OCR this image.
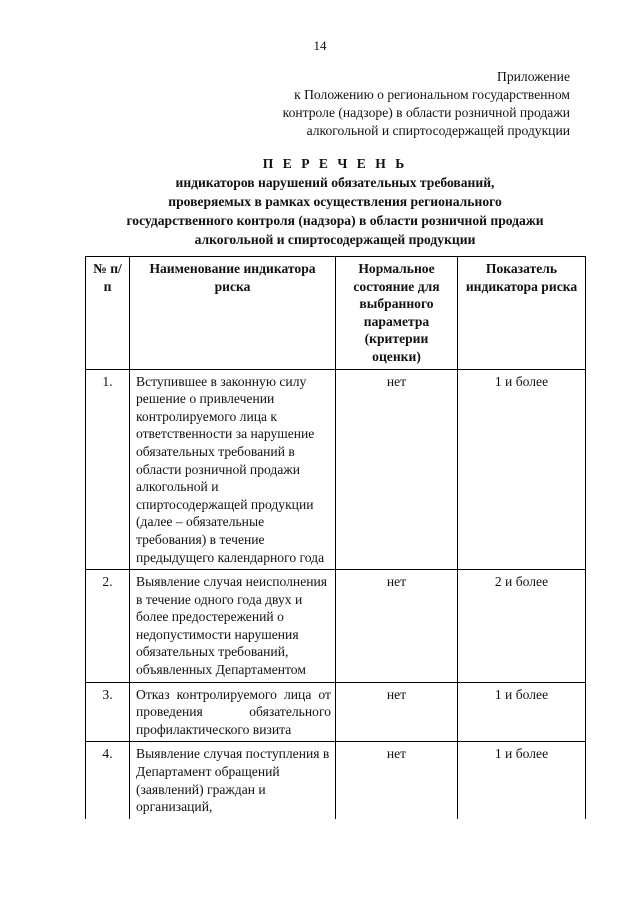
14
Приложение
к Положению о региональном государственном
контроле (надзоре) в области розничной продажи
алкогольной и спиртосодержащей продукции
П Е Р Е Ч Е Н Ь
индикаторов нарушений обязательных требований,
проверяемых в рамках осуществления регионального
государственного контроля (надзора) в области розничной продажи
алкогольной и спиртосодержащей продукции
№ п/п	Наименование индикатора риска	Нормальное состояние для выбранного параметра (критерии оценки)	Показатель индикатора риска
1.	Вступившее в законную силу решение о привлечении контролируемого лица к ответственности за нарушение обязательных требований в области розничной продажи алкогольной и спиртосодержащей продукции (далее – обязательные требования) в течение предыдущего календарного года	нет	1 и более
2.	Выявление случая неисполнения в течение одного года двух и более предостережений о недопустимости нарушения обязательных требований, объявленных Департаментом	нет	2 и более
3.	Отказ контролируемого лица от проведения обязательного профилактического визита	нет	1 и более
4.	Выявление случая поступления в Департамент обращений (заявлений) граждан и организаций,	нет	1 и более
